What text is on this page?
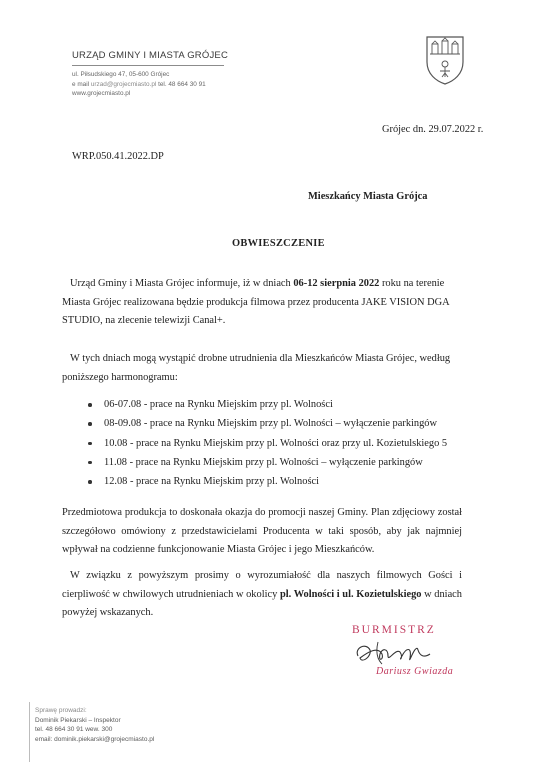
URZĄD GMINY I MIASTA GRÓJEC
ul. Piłsudskiego 47, 05-600 Grójec
e mail urzad@grojecmiasto.pl tel. 48 664 30 91
www.grojecmiasto.pl
Grójec dn. 29.07.2022 r.
WRP.050.41.2022.DP
Mieszkańcy Miasta Grójca
OBWIESZCZENIE
Urząd Gminy i Miasta Grójec informuje, iż w dniach 06-12 sierpnia 2022 roku na terenie Miasta Grójec realizowana będzie produkcja filmowa przez producenta JAKE VISION DGA STUDIO, na zlecenie telewizji Canal+.
W tych dniach mogą wystąpić drobne utrudnienia dla Mieszkańców Miasta Grójec, według poniższego harmonogramu:
06-07.08 - prace na Rynku Miejskim przy pl. Wolności
08-09.08 - prace na Rynku Miejskim przy pl. Wolności – wyłączenie parkingów
10.08 - prace na Rynku Miejskim przy pl. Wolności oraz przy ul. Kozietulskiego 5
11.08 - prace na Rynku Miejskim przy pl. Wolności – wyłączenie parkingów
12.08 - prace na Rynku Miejskim przy pl. Wolności
Przedmiotowa produkcja to doskonała okazja do promocji naszej Gminy. Plan zdjęciowy został szczegółowo omówiony z przedstawicielami Producenta w taki sposób, aby jak najmniej wpływał na codzienne funkcjonowanie Miasta Grójec i jego Mieszkańców.
W związku z powyższym prosimy o wyrozumiałość dla naszych filmowych Gości i cierpliwość w chwilowych utrudnieniach w okolicy pl. Wolności i ul. Kozietulskiego w dniach powyżej wskazanych.
BURMISTRZ
Dariusz Gwiazda
Sprawę prowadzi:
Dominik Piekarski – Inspektor
tel. 48 664 30 91 wew. 300
email: dominik.piekarski@grojecmiasto.pl
